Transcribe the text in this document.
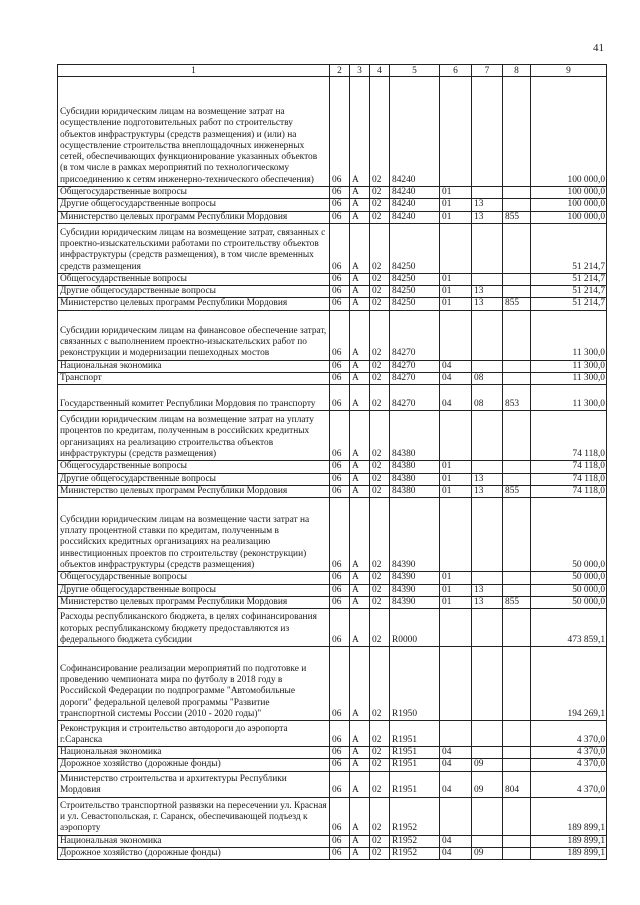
41
1	2	3	4	5	6	7	8	9
Субсидии юридическим лицам на возмещение затрат на осуществление подготовительных работ по строительству объектов инфраструктуры (средств размещения) и (или) на осуществление строительства внеплощадочных инженерных сетей, обеспечивающих функционирование указанных объектов (в том числе в рамках мероприятий по технологическому присоединению к сетям инженерно-технического обеспечения)	06	А	02	84240				100 000,0
Общегосударственные вопросы	06	А	02	84240	01			100 000,0
Другие общегосударственные вопросы	06	А	02	84240	01	13		100 000,0
Министерство целевых программ Республики Мордовия	06	А	02	84240	01	13	855	100 000,0
Субсидии юридическим лицам на возмещение затрат, связанных с проектно-изыскательскими работами по строительству объектов инфраструктуры (средств размещения), в том числе временных средств размещения	06	А	02	84250				51 214,7
Общегосударственные вопросы	06	А	02	84250	01			51 214,7
Другие общегосударственные вопросы	06	А	02	84250	01	13		51 214,7
Министерство целевых программ Республики Мордовия	06	А	02	84250	01	13	855	51 214,7
Субсидии юридическим лицам на финансовое обеспечение затрат, связанных с выполнением проектно-изыскательских работ по реконструкции и модернизации пешеходных мостов	06	А	02	84270				11 300,0
Национальная экономика	06	А	02	84270	04			11 300,0
Транспорт	06	А	02	84270	04	08		11 300,0
Государственный комитет Республики Мордовия по транспорту	06	А	02	84270	04	08	853	11 300,0
Субсидии юридическим лицам на возмещение затрат на уплату процентов по кредитам, полученным в российских кредитных организациях на реализацию строительства объектов инфраструктуры (средств размещения)	06	А	02	84380				74 118,0
Общегосударственные вопросы	06	А	02	84380	01			74 118,0
Другие общегосударственные вопросы	06	А	02	84380	01	13		74 118,0
Министерство целевых программ Республики Мордовия	06	А	02	84380	01	13	855	74 118,0
Субсидии юридическим лицам на возмещение части затрат на уплату процентной ставки по кредитам, полученным в российских кредитных организациях на реализацию инвестиционных проектов по строительству (реконструкции) объектов инфраструктуры (средств размещения)	06	А	02	84390				50 000,0
Общегосударственные вопросы	06	А	02	84390	01			50 000,0
Другие общегосударственные вопросы	06	А	02	84390	01	13		50 000,0
Министерство целевых программ Республики Мордовия	06	А	02	84390	01	13	855	50 000,0
Расходы республиканского бюджета, в целях софинансирования которых республиканскому бюджету предоставляются из федерального бюджета субсидии	06	А	02	R0000				473 859,1
Софинансирование реализации мероприятий по подготовке и проведению чемпионата мира по футболу в 2018 году в Российской Федерации по подпрограмме "Автомобильные дороги" федеральной целевой программы "Развитие транспортной системы России (2010 - 2020 годы)"	06	А	02	R1950				194 269,1
Реконструкция и строительство автодороги до аэропорта г.Саранска	06	А	02	R1951				4 370,0
Национальная экономика	06	А	02	R1951	04			4 370,0
Дорожное хозяйство (дорожные фонды)	06	А	02	R1951	04	09		4 370,0
Министерство строительства и архитектуры Республики Мордовия	06	А	02	R1951	04	09	804	4 370,0
Строительство транспортной развязки на пересечении ул. Красная и ул. Севастопольская, г. Саранск, обеспечивающей подъезд к аэропорту	06	А	02	R1952				189 899,1
Национальная экономика	06	А	02	R1952	04			189 899,1
Дорожное хозяйство (дорожные фонды)	06	А	02	R1952	04	09		189 899,1
